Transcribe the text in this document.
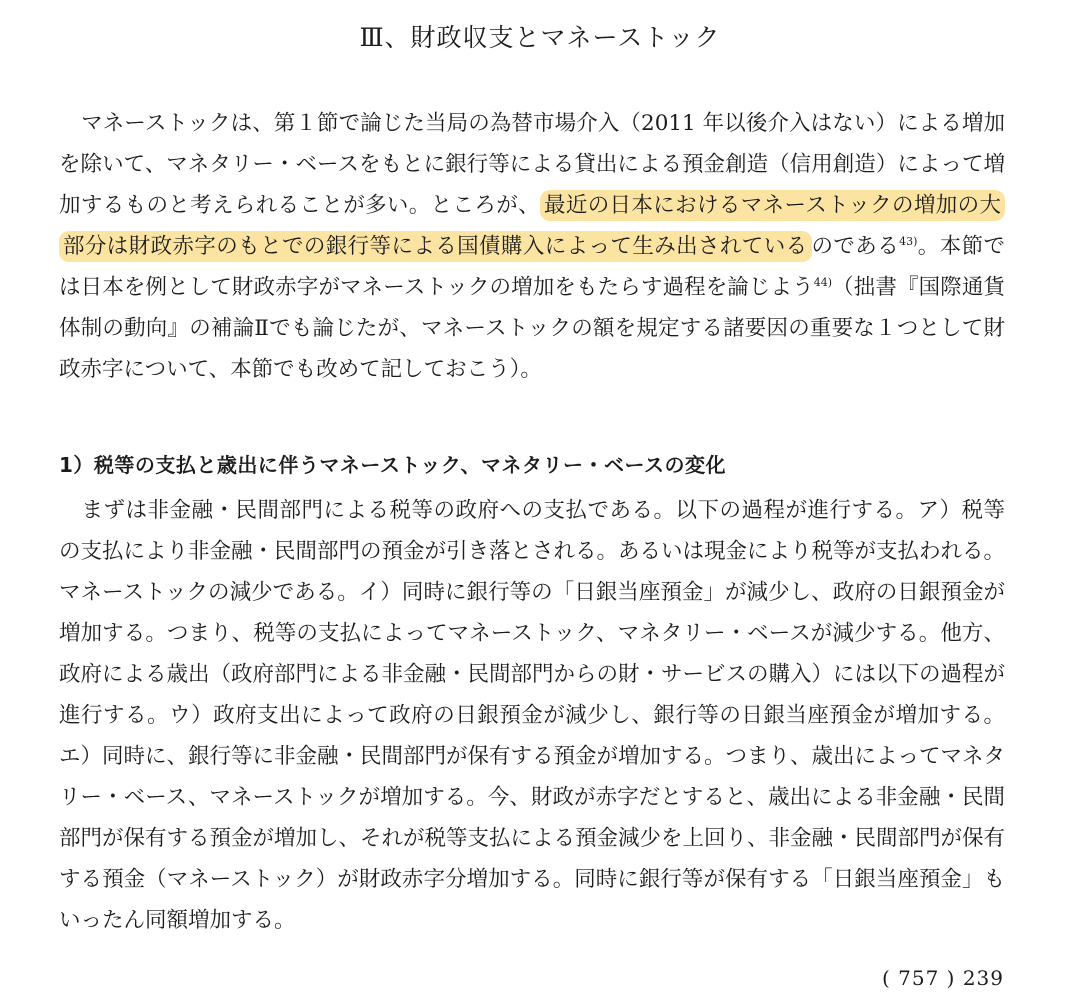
Ⅲ、財政収支とマネーストック

マネーストックは、第１節で論じた当局の為替市場介入（2011 年以後介入はない）による増加を除いて、マネタリー・ベースをもとに銀行等による貸出による預金創造（信用創造）によって増加するものと考えられることが多い。ところが、 最近の日本におけるマネーストックの増加の大部分は財政赤字のもとでの銀行等による国債購入によって生み出されている のである$^{43)}$。本節では日本を例として財政赤字がマネーストックの増加をもたらす過程を論じよう$^{44)}$（拙書『国際通貨体制の動向』の補論Ⅱでも論じたが、マネーストックの額を規定する諸要因の重要な１つとして財政赤字について、本節でも改めて記しておこう）。

1）税等の支払と歳出に伴うマネーストック、マネタリー・ベースの変化

まずは非金融・民間部門による税等の政府への支払である。以下の過程が進行する。ア）税等の支払により非金融・民間部門の預金が引き落とされる。あるいは現金により税等が支払われる。マネーストックの減少である。イ）同時に銀行等の「日銀当座預金」が減少し、政府の日銀預金が増加する。つまり、税等の支払によってマネーストック、マネタリー・ベースが減少する。他方、政府による歳出（政府部門による非金融・民間部門からの財・サービスの購入）には以下の過程が進行する。ウ）政府支出によって政府の日銀預金が減少し、銀行等の日銀当座預金が増加する。エ）同時に、銀行等に非金融・民間部門が保有する預金が増加する。つまり、歳出によってマネタリー・ベース、マネーストックが増加する。今、財政が赤字だとすると、歳出による非金融・民間部門が保有する預金が増加し、それが税等支払による預金減少を上回り、非金融・民間部門が保有する預金（マネーストック）が財政赤字分増加する。同時に銀行等が保有する「日銀当座預金」もいったん同額増加する。

( 757 ) 239
